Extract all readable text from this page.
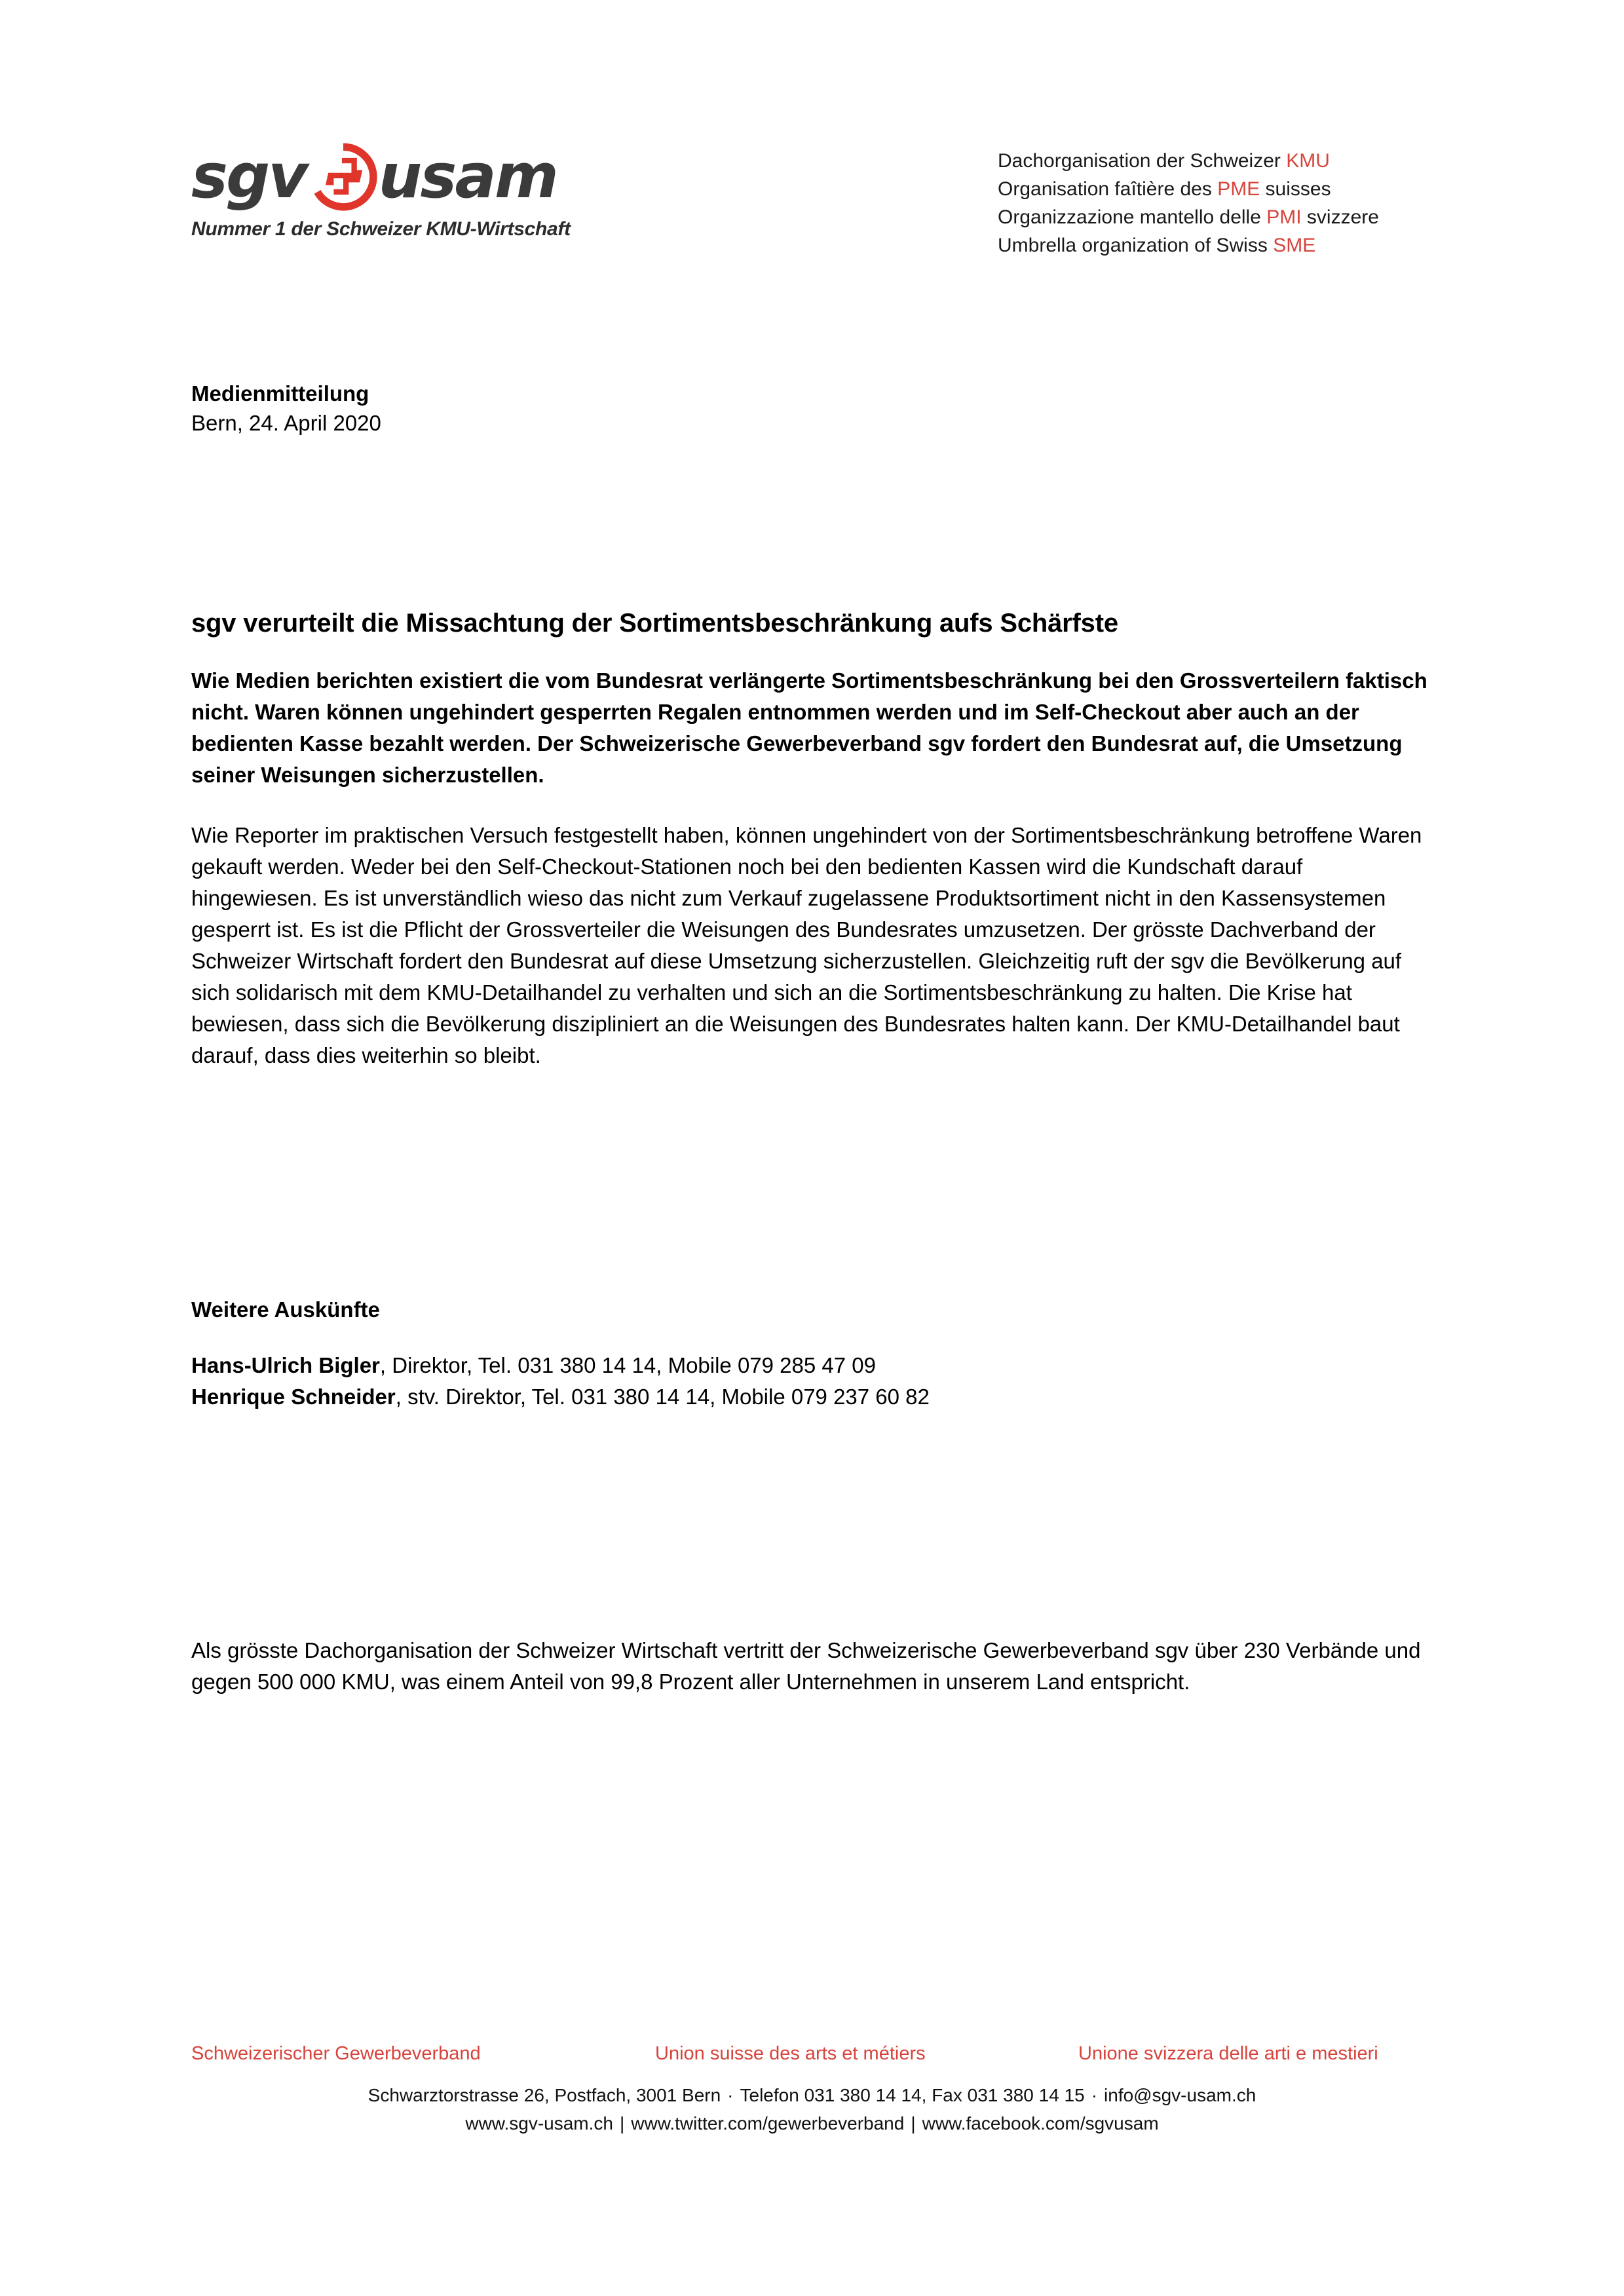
sgv usam
Nummer 1 der Schweizer KMU-Wirtschaft
Dachorganisation der Schweizer KMU
Organisation faîtière des PME suisses
Organizzazione mantello delle PMI svizzere
Umbrella organization of Swiss SME
Medienmitteilung
Bern, 24. April 2020
sgv verurteilt die Missachtung der Sortimentsbeschränkung aufs Schärfste

Wie Medien berichten existiert die vom Bundesrat verlängerte Sortimentsbeschränkung bei den Grossverteilern faktisch nicht. Waren können ungehindert gesperrten Regalen entnommen werden und im Self-Checkout aber auch an der bedienten Kasse bezahlt werden. Der Schweizerische Gewerbeverband sgv fordert den Bundesrat auf, die Umsetzung seiner Weisungen sicherzustellen.

Wie Reporter im praktischen Versuch festgestellt haben, können ungehindert von der Sortimentsbeschränkung betroffene Waren gekauft werden. Weder bei den Self-Checkout-Stationen noch bei den bedienten Kassen wird die Kundschaft darauf hingewiesen. Es ist unverständlich wieso das nicht zum Verkauf zugelassene Produktsortiment nicht in den Kassensystemen gesperrt ist. Es ist die Pflicht der Grossverteiler die Weisungen des Bundesrates umzusetzen. Der grösste Dachverband der Schweizer Wirtschaft fordert den Bundesrat auf diese Umsetzung sicherzustellen. Gleichzeitig ruft der sgv die Bevölkerung auf sich solidarisch mit dem KMU-Detailhandel zu verhalten und sich an die Sortimentsbeschränkung zu halten. Die Krise hat bewiesen, dass sich die Bevölkerung diszipliniert an die Weisungen des Bundesrates halten kann. Der KMU-Detailhandel baut darauf, dass dies weiterhin so bleibt.

Weitere Auskünfte
Hans-Ulrich Bigler, Direktor, Tel. 031 380 14 14, Mobile 079 285 47 09
Henrique Schneider, stv. Direktor, Tel. 031 380 14 14, Mobile 079 237 60 82
Als grösste Dachorganisation der Schweizer Wirtschaft vertritt der Schweizerische Gewerbeverband sgv über 230 Verbände und gegen 500 000 KMU, was einem Anteil von 99,8 Prozent aller Unternehmen in unserem Land entspricht.
Schweizerischer Gewerbeverband	Union suisse des arts et métiers	Unione svizzera delle arti e mestieri
Schwarztorstrasse 26, Postfach, 3001 Bern · Telefon 031 380 14 14, Fax 031 380 14 15 · info@sgv-usam.ch
www.sgv-usam.ch | www.twitter.com/gewerbeverband | www.facebook.com/sgvusam
